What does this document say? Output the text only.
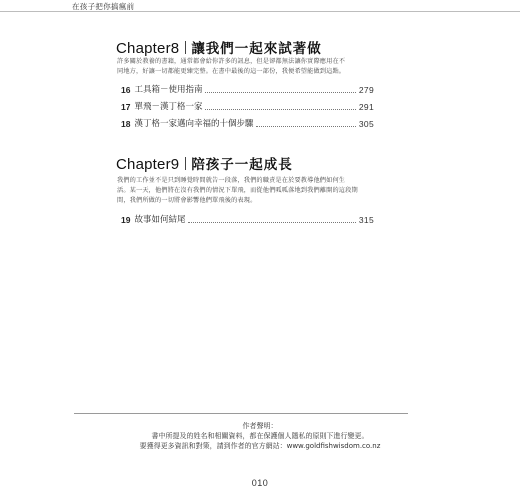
在孩子把你搞瘋前
Chapter8 讓我們一起來試著做
許多關於教養的書籍，通常都會給你許多的訊息，但是卻都無法讓你實際應用在不
同地方，好讓一切都能更臻完整。在書中最後的這一部份，我便希望能做到這點。
16 工具箱－使用指南	279
17 單飛－漢丁格一家	291
18 漢丁格一家邁向幸福的十個步驟	305
Chapter9 陪孩子一起成長
我們的工作並不是只到睡覺時間就告一段落，我們的職責是在於要教導他們如何生
活。某一天，他們將在沒有我們的情況下單飛，而從他們呱呱落地到我們離開的這段期
間，我們所做的一切將會影響他們單飛後的表現。
19 故事如何結尾	315
作者聲明：
書中所提及的姓名和相關資料，都在保護個人隱私的原則下進行變更。
要獲得更多資訊和對策，請到作者的官方網站：www.goldfishwisdom.co.nz
010
